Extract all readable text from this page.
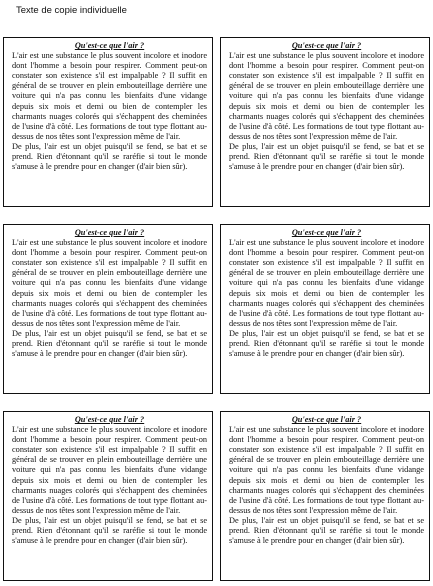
Texte de copie individuelle

Qu'est-ce que l'air ?

L'air est une substance le plus souvent incolore et inodore dont l'homme a besoin pour respirer. Comment peut-on constater son existence s'il est impalpable ? Il suffit en général de se trouver en plein embouteillage derrière une voiture qui n'a pas connu les bienfaits d'une vidange depuis six mois et demi ou bien de contempler les charmants nuages colorés qui s'échappent des cheminées de l'usine d'à côté. Les formations de tout type flottant au-dessus de nos têtes sont l'expression même de l'air.

De plus, l'air est un objet puisqu'il se fend, se bat et se prend. Rien d'étonnant qu'il se raréfie si tout le monde s'amuse à le prendre pour en changer (d'air bien sûr).

Qu'est-ce que l'air ?

L'air est une substance le plus souvent incolore et inodore dont l'homme a besoin pour respirer. Comment peut-on constater son existence s'il est impalpable ? Il suffit en général de se trouver en plein embouteillage derrière une voiture qui n'a pas connu les bienfaits d'une vidange depuis six mois et demi ou bien de contempler les charmants nuages colorés qui s'échappent des cheminées de l'usine d'à côté. Les formations de tout type flottant au-dessus de nos têtes sont l'expression même de l'air.

De plus, l'air est un objet puisqu'il se fend, se bat et se prend. Rien d'étonnant qu'il se raréfie si tout le monde s'amuse à le prendre pour en changer (d'air bien sûr).

Qu'est-ce que l'air ?

L'air est une substance le plus souvent incolore et inodore dont l'homme a besoin pour respirer. Comment peut-on constater son existence s'il est impalpable ? Il suffit en général de se trouver en plein embouteillage derrière une voiture qui n'a pas connu les bienfaits d'une vidange depuis six mois et demi ou bien de contempler les charmants nuages colorés qui s'échappent des cheminées de l'usine d'à côté. Les formations de tout type flottant au-dessus de nos têtes sont l'expression même de l'air.

De plus, l'air est un objet puisqu'il se fend, se bat et se prend. Rien d'étonnant qu'il se raréfie si tout le monde s'amuse à le prendre pour en changer (d'air bien sûr).

Qu'est-ce que l'air ?

L'air est une substance le plus souvent incolore et inodore dont l'homme a besoin pour respirer. Comment peut-on constater son existence s'il est impalpable ? Il suffit en général de se trouver en plein embouteillage derrière une voiture qui n'a pas connu les bienfaits d'une vidange depuis six mois et demi ou bien de contempler les charmants nuages colorés qui s'échappent des cheminées de l'usine d'à côté. Les formations de tout type flottant au-dessus de nos têtes sont l'expression même de l'air.

De plus, l'air est un objet puisqu'il se fend, se bat et se prend. Rien d'étonnant qu'il se raréfie si tout le monde s'amuse à le prendre pour en changer (d'air bien sûr).

Qu'est-ce que l'air ?

L'air est une substance le plus souvent incolore et inodore dont l'homme a besoin pour respirer. Comment peut-on constater son existence s'il est impalpable ? Il suffit en général de se trouver en plein embouteillage derrière une voiture qui n'a pas connu les bienfaits d'une vidange depuis six mois et demi ou bien de contempler les charmants nuages colorés qui s'échappent des cheminées de l'usine d'à côté. Les formations de tout type flottant au-dessus de nos têtes sont l'expression même de l'air.

De plus, l'air est un objet puisqu'il se fend, se bat et se prend. Rien d'étonnant qu'il se raréfie si tout le monde s'amuse à le prendre pour en changer (d'air bien sûr).

Qu'est-ce que l'air ?

L'air est une substance le plus souvent incolore et inodore dont l'homme a besoin pour respirer. Comment peut-on constater son existence s'il est impalpable ? Il suffit en général de se trouver en plein embouteillage derrière une voiture qui n'a pas connu les bienfaits d'une vidange depuis six mois et demi ou bien de contempler les charmants nuages colorés qui s'échappent des cheminées de l'usine d'à côté. Les formations de tout type flottant au-dessus de nos têtes sont l'expression même de l'air.

De plus, l'air est un objet puisqu'il se fend, se bat et se prend. Rien d'étonnant qu'il se raréfie si tout le monde s'amuse à le prendre pour en changer (d'air bien sûr).
